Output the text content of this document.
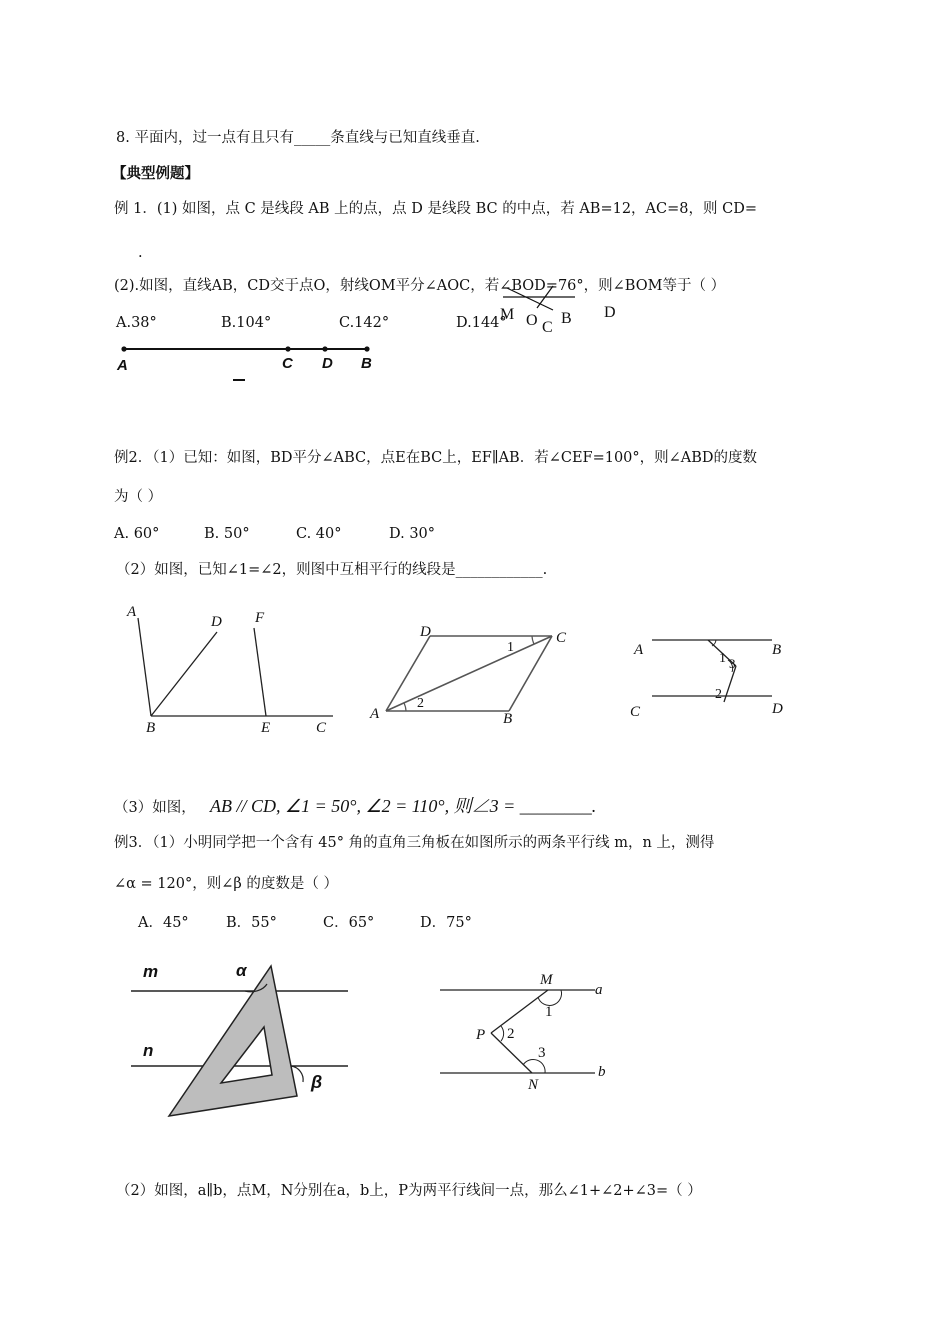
8. 平面内，过一点有且只有_____条直线与已知直线垂直.
【典型例题】
例 1．(1) 如图，点 C 是线段 AB 上的点，点 D 是线段 BC 的中点，若 AB=12，AC=8，则 CD=
.
(2).如图，直线AB，CD交于点O，射线OM平分∠AOC，若∠BOD=76°，则∠BOM等于（ ）
A.38°	B.104°	C.142°	D.144°
M O C
B D
A	C D B
例2．（1）已知：如图，BD平分∠ABC，点E在BC上，EF∥AB．若∠CEF=100°，则∠ABD的度数
为（ ）
A. 60°	B. 50°	C. 40°	D. 30°
（2）如图，已知∠1=∠2，则图中互相平行的线段是____________.
A
D F
B	E	C
D	C
A	B
1
2
A	B
C	D
1 3
2
（3）如图， AB // CD, ∠1 = 50°, ∠2 = 110°, 则∠3 = ________.
例3．（1）小明同学把一个含有 45° 角的直角三角板在如图所示的两条平行线 m，n 上，测得
∠α = 120°，则∠β 的度数是（ ）
A．45°	B．55°	C．65°	D．75°
m
n
α
β
M
a
1
P 2
3
N
b
（2）如图，a∥b，点M，N分别在a，b上，P为两平行线间一点，那么∠1+∠2+∠3=（ ）
